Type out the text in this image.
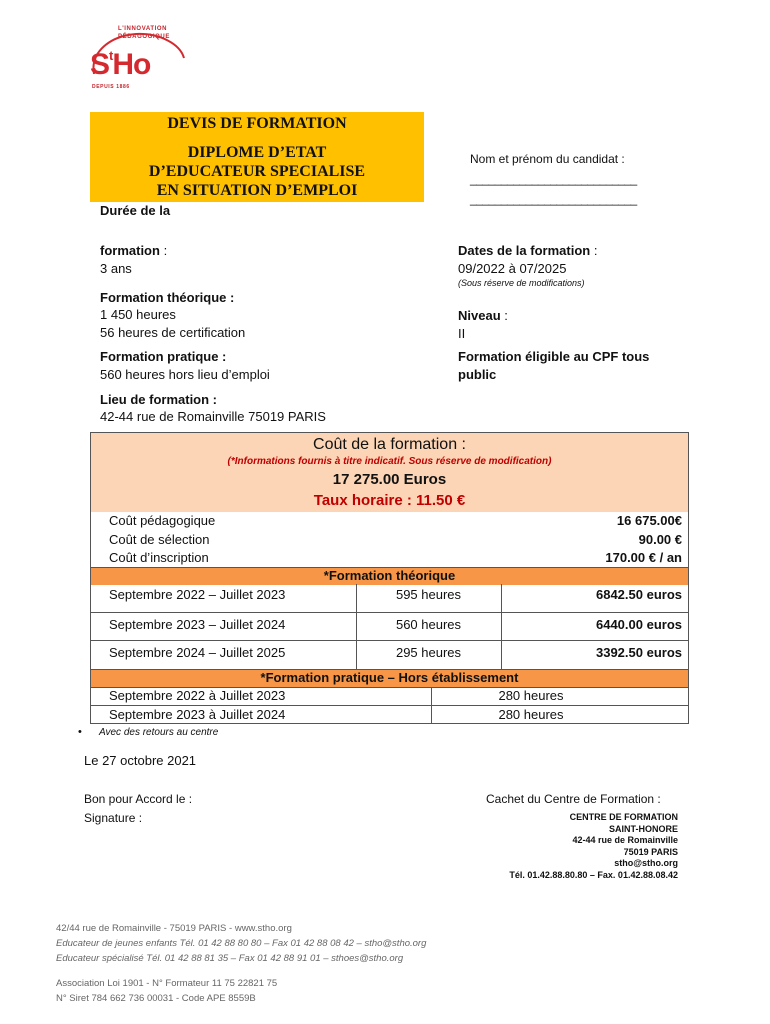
L'INNOVATION
PÉDAGOGIQUE
$S^tHo$
DEPUIS 1886
DEVIS DE FORMATION
DIPLOME D’ETAT
D’EDUCATEUR SPECIALISE
EN SITUATION D’EMPLOI
Nom et prénom du candidat :
___________________________
___________________________
Durée de la
formation :
3 ans
Formation théorique :
1 450 heures
56 heures de certification
Formation pratique :
560 heures hors lieu d’emploi
Lieu de formation :
42-44 rue de Romainville 75019 PARIS
Dates de la formation :
09/2022 à 07/2025
(Sous réserve de modifications)
Niveau :
II
Formation éligible au CPF tous
public
Coût de la formation :
(*Informations fournis à titre indicatif. Sous réserve de modification)
17 275.00 Euros
Taux horaire : 11.50 €
Coût pédagogique	16 675.00€
Coût de sélection	90.00 €
Coût d’inscription	170.00 € / an
*Formation théorique
Septembre 2022 – Juillet 2023	595 heures	6842.50 euros
Septembre 2023 – Juillet 2024	560 heures	6440.00 euros
Septembre 2024 – Juillet 2025	295 heures	3392.50 euros
*Formation pratique – Hors établissement
Septembre 2022 à Juillet 2023	280 heures
Septembre 2023 à Juillet 2024	280 heures
• Avec des retours au centre
Le 27 octobre 2021
Bon pour Accord le :
Signature :
Cachet du Centre de Formation :
CENTRE DE FORMATION
SAINT-HONORE
42-44 rue de Romainville
75019 PARIS
stho@stho.org
Tél. 01.42.88.80.80 – Fax. 01.42.88.08.42
42/44 rue de Romainville - 75019 PARIS - www.stho.org
Educateur de jeunes enfants Tél. 01 42 88 80 80 – Fax 01 42 88 08 42 – stho@stho.org
Educateur spécialisé Tél. 01 42 88 81 35 – Fax 01 42 88 91 01 – sthoes@stho.org
Association Loi 1901 - N° Formateur 11 75 22821 75
N° Siret 784 662 736 00031 - Code APE 8559B
